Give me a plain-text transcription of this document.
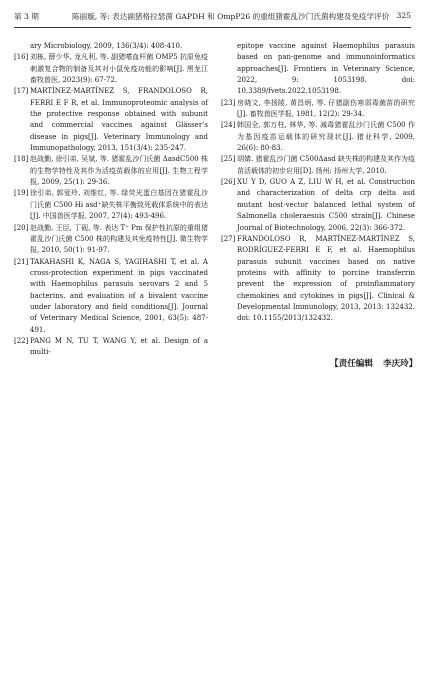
第 3 期	陈丽璇, 等: 表达副猪格拉瑟菌 GAPDH 和 OmpP26 的重组猪霍乱沙门氏菌构建及免疫学评价 325
ary Microbiology, 2009, 136(3/4): 408-410.
[16] 刘栋, 薛少华, 龙凡利, 等. 副猪嗜血杆菌 OMP5 抗原免疫刺激复合物的制备及其对小鼠免疫功能的影响[J]. 黑龙江畜牧兽医, 2023(9): 67-72.
[17] MARTÍNEZ-MARTÍNEZ S, FRANDOLOSO R, FERRI E F R, et al. Immunoproteomic analysis of the protective response obtained with subunit and commercial vaccines against Glässer’s disease in pigs[J]. Veterinary Immunology and Immunopathology, 2013, 151(3/4): 235-247.
[18] 赵战勤, 徐引弟, 吴斌, 等. 猪霍乱沙门氏菌 ΔasdC500 株的生物学特性及其作为活疫苗载体的应用[J]. 生物工程学报, 2009, 25(1): 29-36.
[19] 徐引弟, 郭爱玲, 刘维红, 等. 绿荧光蛋白基因在猪霍乱沙门氏菌 C500 Hi asd⁺缺失株平衡致死载体系统中的表达[J]. 中国兽医学报, 2007, 27(4): 493-496.
[20] 赵战勤, 王臣, 丁砚, 等. 表达 T⁺ Pm 保护性抗原的重组猪霍乱沙门氏菌 C500 株的构建及其免疫特性[J]. 微生物学报, 2010, 50(1): 91-97.
[21] TAKAHASHI K, NAGA S, YAGIHASHI T, et al. A cross-protection experiment in pigs vaccinated with Haemophilus parasuis serovars 2 and 5 bacterins, and evaluation of a bivalent vaccine under laboratory and field conditions[J]. Journal of Veterinary Medical Science, 2001, 63(5): 487-491.
[22] PANG M N, TU T, WANG Y, et al. Design of a multi-
epitope vaccine against Haemophilus parasuis based on pan-genome and immunoinformatics approaches[J]. Frontiers in Veterinary Science, 2022, 9: 1053198. doi: 10.3389/fvets.2022.1053198.
[23] 房晓文, 李扬陵, 黄昌炳, 等. 仔猪副伤寒弱毒菌苗的研究[J]. 畜牧兽医学报, 1981, 12(2): 29-34.
[24] 韩国全, 郭万柱, 林华, 等. 减毒猪霍乱沙门氏菌 C500 作为基因疫苗运载体的研究现状[J]. 猪业科学, 2009, 26(6): 80-83.
[25] 胡婧. 猪霍乱沙门菌 C500Δasd 缺失株的构建及其作为疫苗活载体的初步应用[D]. 扬州: 扬州大学, 2010.
[26] XU Y D, GUO A Z, LIU W H, et al. Construction and characterization of delta crp delta asd mutant host-vector balanced lethal system of Salmonella choleraesuis C500 strain[J]. Chinese Journal of Biotechnology, 2006, 22(3): 366-372.
[27] FRANDOLOSO R, MARTÍNEZ-MARTÍNEZ S, RODRÍGUEZ-FERRI E F, et al. Haemophilus parasuis subunit vaccines based on native proteins with affinity to porcine transferrin prevent the expression of proinflammatory chemokines and cytokines in pigs[J]. Clinical & Developmental Immunology, 2013, 2013: 132432. doi: 10.1155/2013/132432.
【责任编辑 李庆玲】
